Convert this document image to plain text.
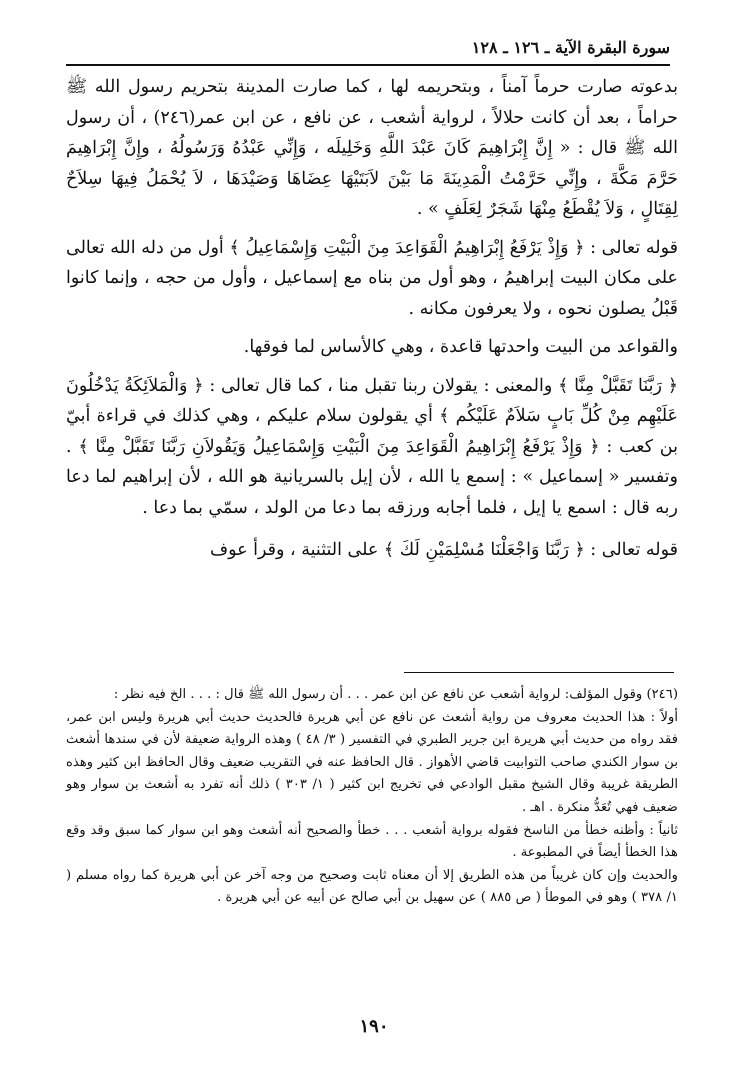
سورة البقرة الآية ـ ١٢٦ ـ ١٢٨

بدعوته صارت حرماً آمناً ، وبتحريمه لها ، كما صارت المدينة بتحريم رسول الله ﷺ حراماً ، بعد أن كانت حلالاً ، لرواية أشعب ، عن نافع ، عن ابن عمر(٢٤٦) ، أن رسول الله ﷺ قال : « إِنَّ إِبْرَاهِيمَ كَانَ عَبْدَ اللَّهِ وَخَلِيلَه ، وَإِنِّي عَبْدُهُ وَرَسُولُهُ ، وإِنَّ إِبْرَاهِيمَ حَرَّمَ مَكَّةَ ، وإِنِّي حَرَّمْتُ الْمَدِينَةَ مَا بَيْنَ لاَبَتَيْهَا عِضَاهَا وَصَيْدَهَا ، لاَ يُحْمَلُ فِيهَا سِلاَحٌ لِقِتَالٍ ، وَلاَ يُقْطَعُ مِنْهَا شَجَرٌ لِعَلَفٍ » .

قوله تعالى : ﴿ وَإِذْ يَرْفَعُ إِبْرَاهِيمُ الْقَوَاعِدَ مِنَ الْبَيْتِ وَإِسْمَاعِيلُ ﴾ أول من دله الله تعالى على مكان البيت إبراهيمُ ، وهو أول من بناه مع إسماعيل ، وأول من حجه ، وإنما كانوا قَبْلُ يصلون نحوه ، ولا يعرفون مكانه .

والقواعد من البيت واحدتها قاعدة ، وهي كالأساس لما فوقها.

﴿ رَبَّنَا تَقَبَّلْ مِنَّا ﴾ والمعنى : يقولان ربنا تقبل منا ، كما قال تعالى : ﴿ وَالْمَلاَئِكَةُ يَدْخُلُونَ عَلَيْهِم مِنْ كُلِّ بَابٍ سَلاَمٌ عَلَيْكُم ﴾ أي يقولون سلام عليكم ، وهي كذلك في قراءة أبيّ بن كعب : ﴿ وَإِذْ يَرْفَعُ إِبْرَاهِيمُ الْقَوَاعِدَ مِنَ الْبَيْتِ وَإِسْمَاعِيلُ وَيَقُولاَنِ رَبَّنَا تَقَبَّلْ مِنَّا ﴾ . وتفسير « إسماعيل » : إسمع يا الله ، لأن إيل بالسريانية هو الله ، لأن إبراهيم لما دعا ربه قال : اسمع يا إيل ، فلما أجابه ورزقه بما دعا من الولد ، سمّي بما دعا .

قوله تعالى : ﴿ رَبَّنَا وَاجْعَلْنَا مُسْلِمَيْنِ لَكَ ﴾ على التثنية ، وقرأ عوف

(٢٤٦) وقول المؤلف: لرواية أشعب عن نافع عن ابن عمر . . . أن رسول الله ﷺ قال : . . . الخ فيه نظر :

أولاً : هذا الحديث معروف من رواية أشعث عن نافع عن أبي هريرة فالحديث حديث أبي هريرة وليس ابن عمر، فقد رواه من حديث أبي هريرة ابن جرير الطبري في التفسير ( ٣/ ٤٨ ) وهذه الرواية ضعيفة لأن في سندها أشعث بن سوار الكندي صاحب التوابيت قاضي الأهواز . قال الحافظ عنه في التقريب ضعيف وقال الحافظ ابن كثير وهذه الطريقة غريبة وقال الشيخ مقبل الوادعي في تخريج ابن كثير ( ١/ ٣٠٣ ) ذلك أنه تفرد به أشعث بن سوار وهو ضعيف فهي تُعَدُّ منكرة . اهـ .

ثانياً : وأظنه خطأ من الناسخ فقوله برواية أشعب . . . خطأ والصحيح أنه أشعث وهو ابن سوار كما سبق وقد وقع هذا الخطأ أيضاً في المطبوعة .

والحديث وإن كان غريباً من هذه الطريق إلا أن معناه ثابت وصحيح من وجه آخر عن أبي هريرة كما رواه مسلم ( ١/ ٣٧٨ ) وهو في الموطأ ( ص ٨٨٥ ) عن سهيل بن أبي صالح عن أبيه عن أبي هريرة .

١٩٠
